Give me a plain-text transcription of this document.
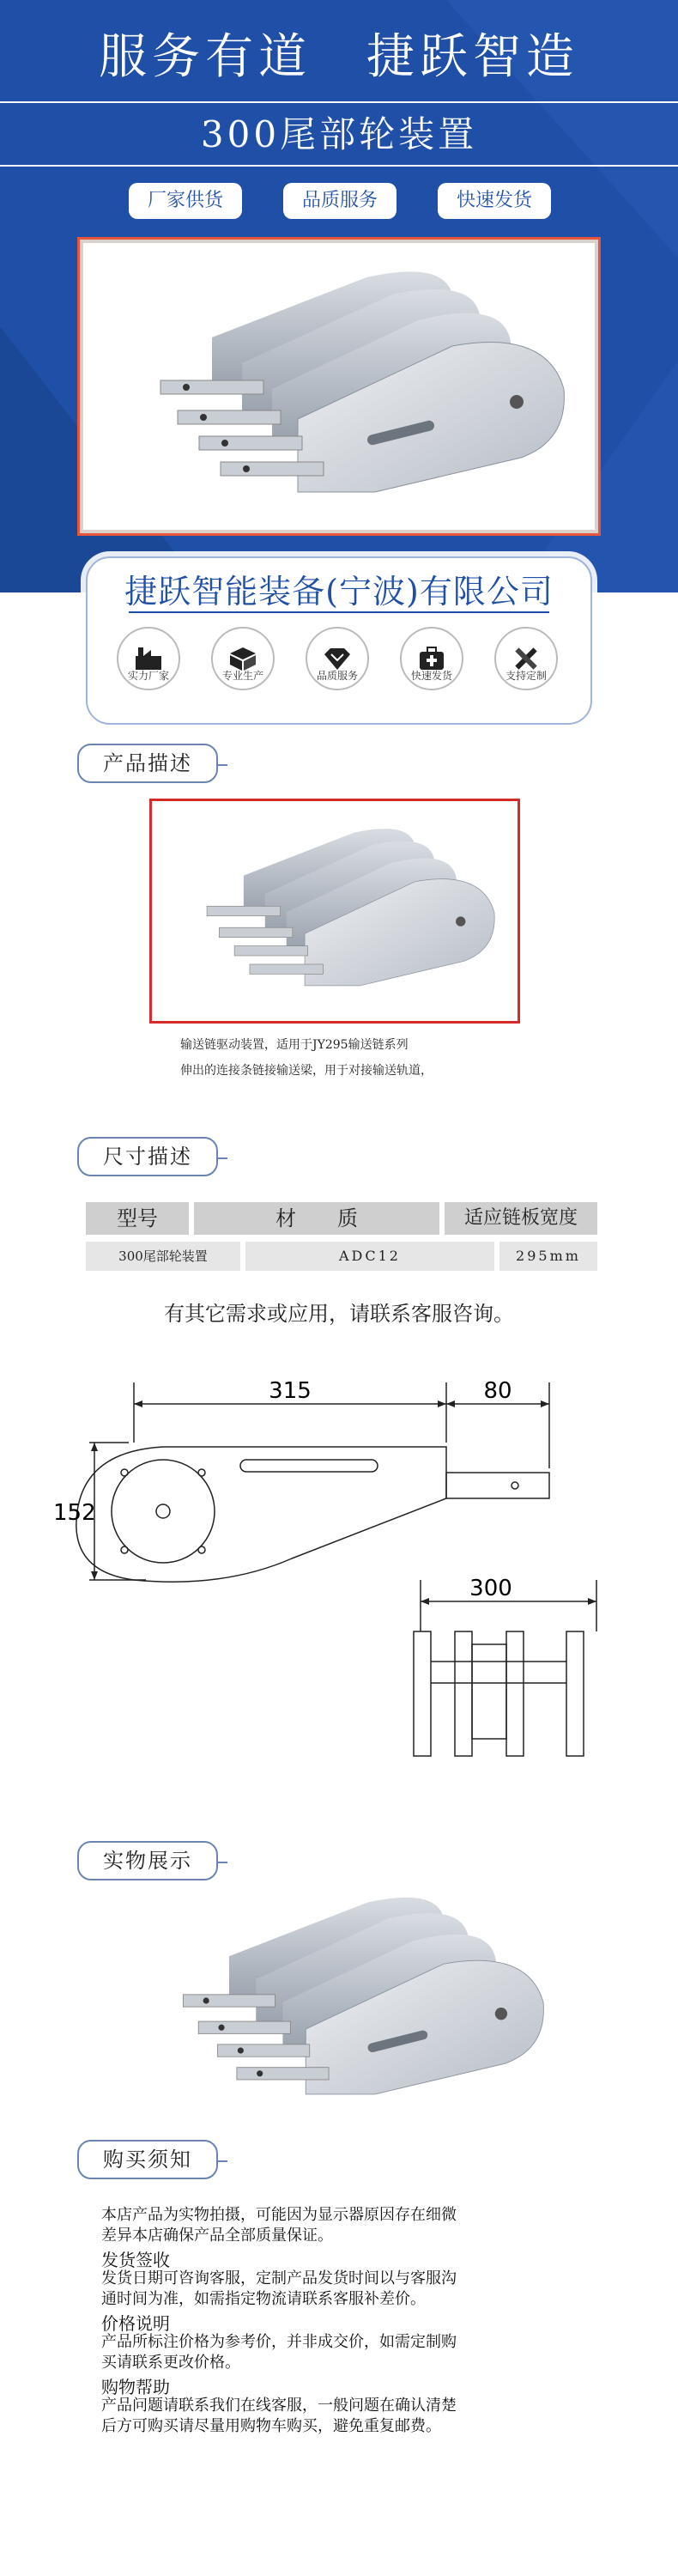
服务有道 捷跃智造
300尾部轮装置
厂家供货	品质服务	快速发货
捷跃智能装备(宁波)有限公司
实力厂家	专业生产	品质服务	快速发货	支持定制
产品描述
输送链驱动装置，适用于JY295输送链系列
伸出的连接条链接输送梁，用于对接输送轨道，
尺寸描述
型号	材　　质	适应链板宽度
300尾部轮装置	ADC12	295mm
有其它需求或应用，请联系客服咨询。
315	80
152
300
实物展示
购买须知
本店产品为实物拍摄，可能因为显示器原因存在细微
差异本店确保产品全部质量保证。
发货签收
发货日期可咨询客服，定制产品发货时间以与客服沟
通时间为准，如需指定物流请联系客服补差价。
价格说明
产品所标注价格为参考价，并非成交价，如需定制购
买请联系更改价格。
购物帮助
产品问题请联系我们在线客服，一般问题在确认清楚
后方可购买请尽量用购物车购买，避免重复邮费。
